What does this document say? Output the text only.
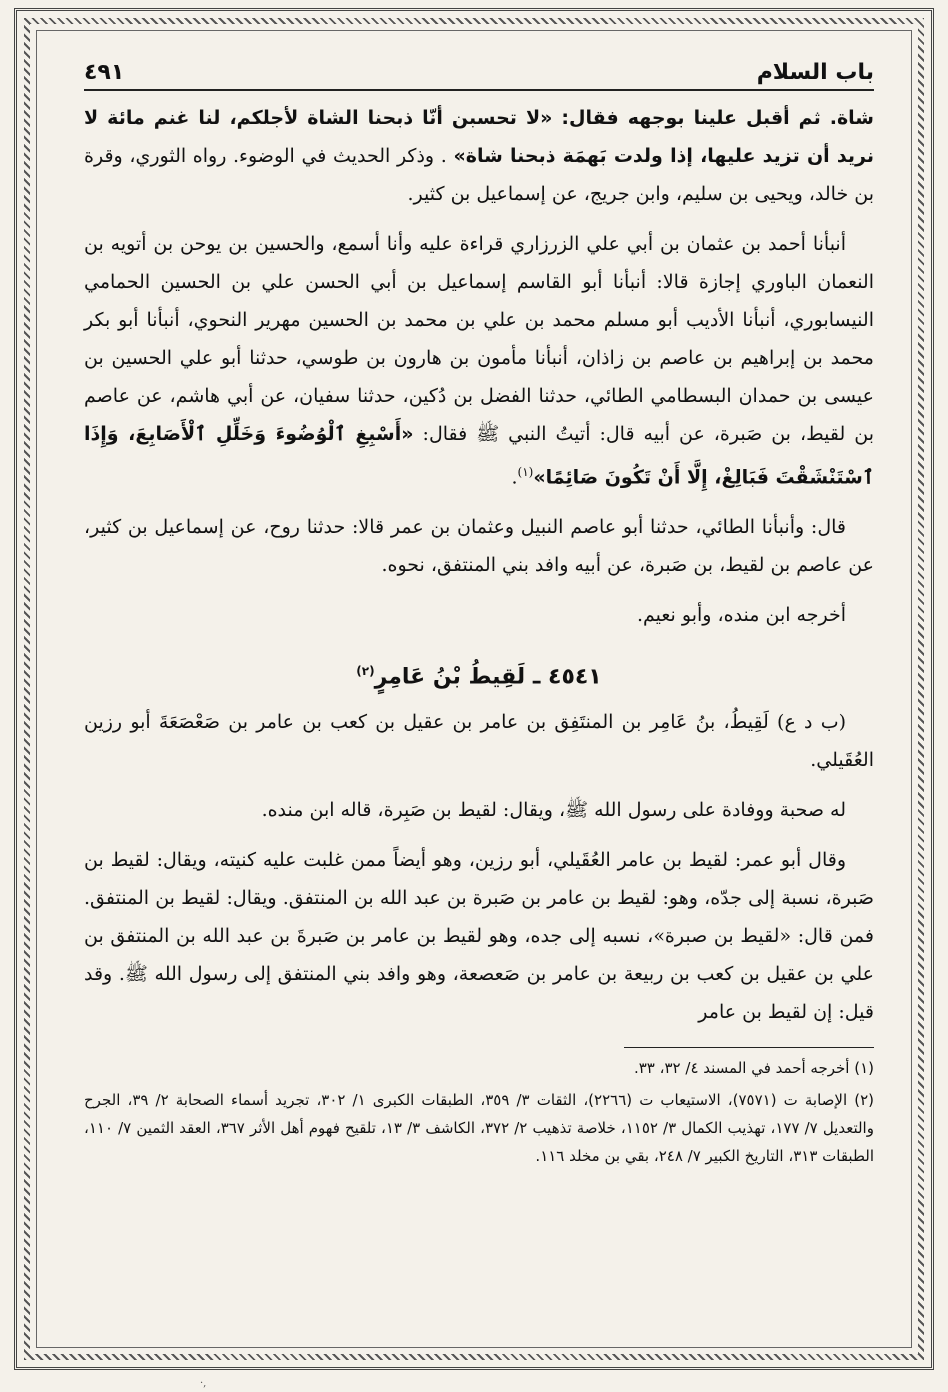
باب السلام
٤٩١

شاة. ثم أقبل علينا بوجهه فقال: «لا تحسبن أنّا ذبحنا الشاة لأجلكم، لنا غنم مائة لا نريد أن تزيد عليها، إذا ولدت بَهمَة ذبحنا شاة» . وذكر الحديث في الوضوء. رواه الثوري، وقرة بن خالد، ويحيى بن سليم، وابن جريج، عن إسماعيل بن كثير.

أنبأنا أحمد بن عثمان بن أبي علي الزرزاري قراءة عليه وأنا أسمع، والحسين بن يوحن بن أتويه بن النعمان الباوري إجازة قالا: أنبأنا أبو القاسم إسماعيل بن أبي الحسن علي بن الحسين الحمامي النيسابوري، أنبأنا الأديب أبو مسلم محمد بن علي بن محمد بن الحسين مهرير النحوي، أنبأنا أبو بكر محمد بن إبراهيم بن عاصم بن زاذان، أنبأنا مأمون بن هارون بن طوسي، حدثنا أبو علي الحسين بن عيسى بن حمدان البسطامي الطائي، حدثنا الفضل بن دُكين، حدثنا سفيان، عن أبي هاشم، عن عاصم بن لقيط، بن صَبرة، عن أبيه قال: أتيتُ النبي ﷺ فقال: «أَسْبِغِ ٱلْوُضُوءَ وَخَلِّلِ ٱلْأَصَابِعَ، وَإِذَا ٱسْتَنْشَقْتَ فَبَالِغْ، إِلَّا أَنْ تَكُونَ صَائِمًا»$^{(١)}$.

قال: وأنبأنا الطائي، حدثنا أبو عاصم النبيل وعثمان بن عمر قالا: حدثنا روح، عن إسماعيل بن كثير، عن عاصم بن لقيط، بن صَبرة، عن أبيه وافد بني المنتفق، نحوه.

أخرجه ابن منده، وأبو نعيم.

٤٥٤١ ـ لَقِيطُ بْنُ عَامِرٍ$^{(٢)}$

(ب د ع) لَقِيطُ، بنُ عَامِر بن المنتَفِق بن عامر بن عقيل بن كعب بن عامر بن صَعْصَعَةَ أبو رزين العُقَيلي.

له صحبة ووفادة على رسول الله ﷺ، ويقال: لقيط بن صَبِرة، قاله ابن منده.

وقال أبو عمر: لقيط بن عامر العُقَيلي، أبو رزين، وهو أيضاً ممن غلبت عليه كنيته، ويقال: لقيط بن صَبرة، نسبة إلى جدّه، وهو: لقيط بن عامر بن صَبرة بن عبد الله بن المنتفق. ويقال: لقيط بن المنتفق. فمن قال: «لقيط بن صبرة»، نسبه إلى جده، وهو لقيط بن عامر بن صَبرةَ بن عبد الله بن المنتفق بن علي بن عقيل بن كعب بن ربيعة بن عامر بن صَعصعة، وهو وافد بني المنتفق إلى رسول الله ﷺ. وقد قيل: إن لقيط بن عامر

(١) أخرجه أحمد في المسند ٤/ ٣٢، ٣٣.

(٢) الإصابة ت (٧٥٧١)، الاستيعاب ت (٢٢٦٦)، الثقات ٣/ ٣٥٩، الطبقات الكبرى ١/ ٣٠٢، تجريد أسماء الصحابة ٢/ ٣٩، الجرح والتعديل ٧/ ١٧٧، تهذيب الكمال ٣/ ١١٥٢، خلاصة تذهيب ٢/ ٣٧٢، الكاشف ٣/ ١٣، تلقيح فهوم أهل الأثر ٣٦٧، العقد الثمين ٧/ ١١٠، الطبقات ٣١٣، التاريخ الكبير ٧/ ٢٤٨، بقي بن مخلد ١١٦.

·,
